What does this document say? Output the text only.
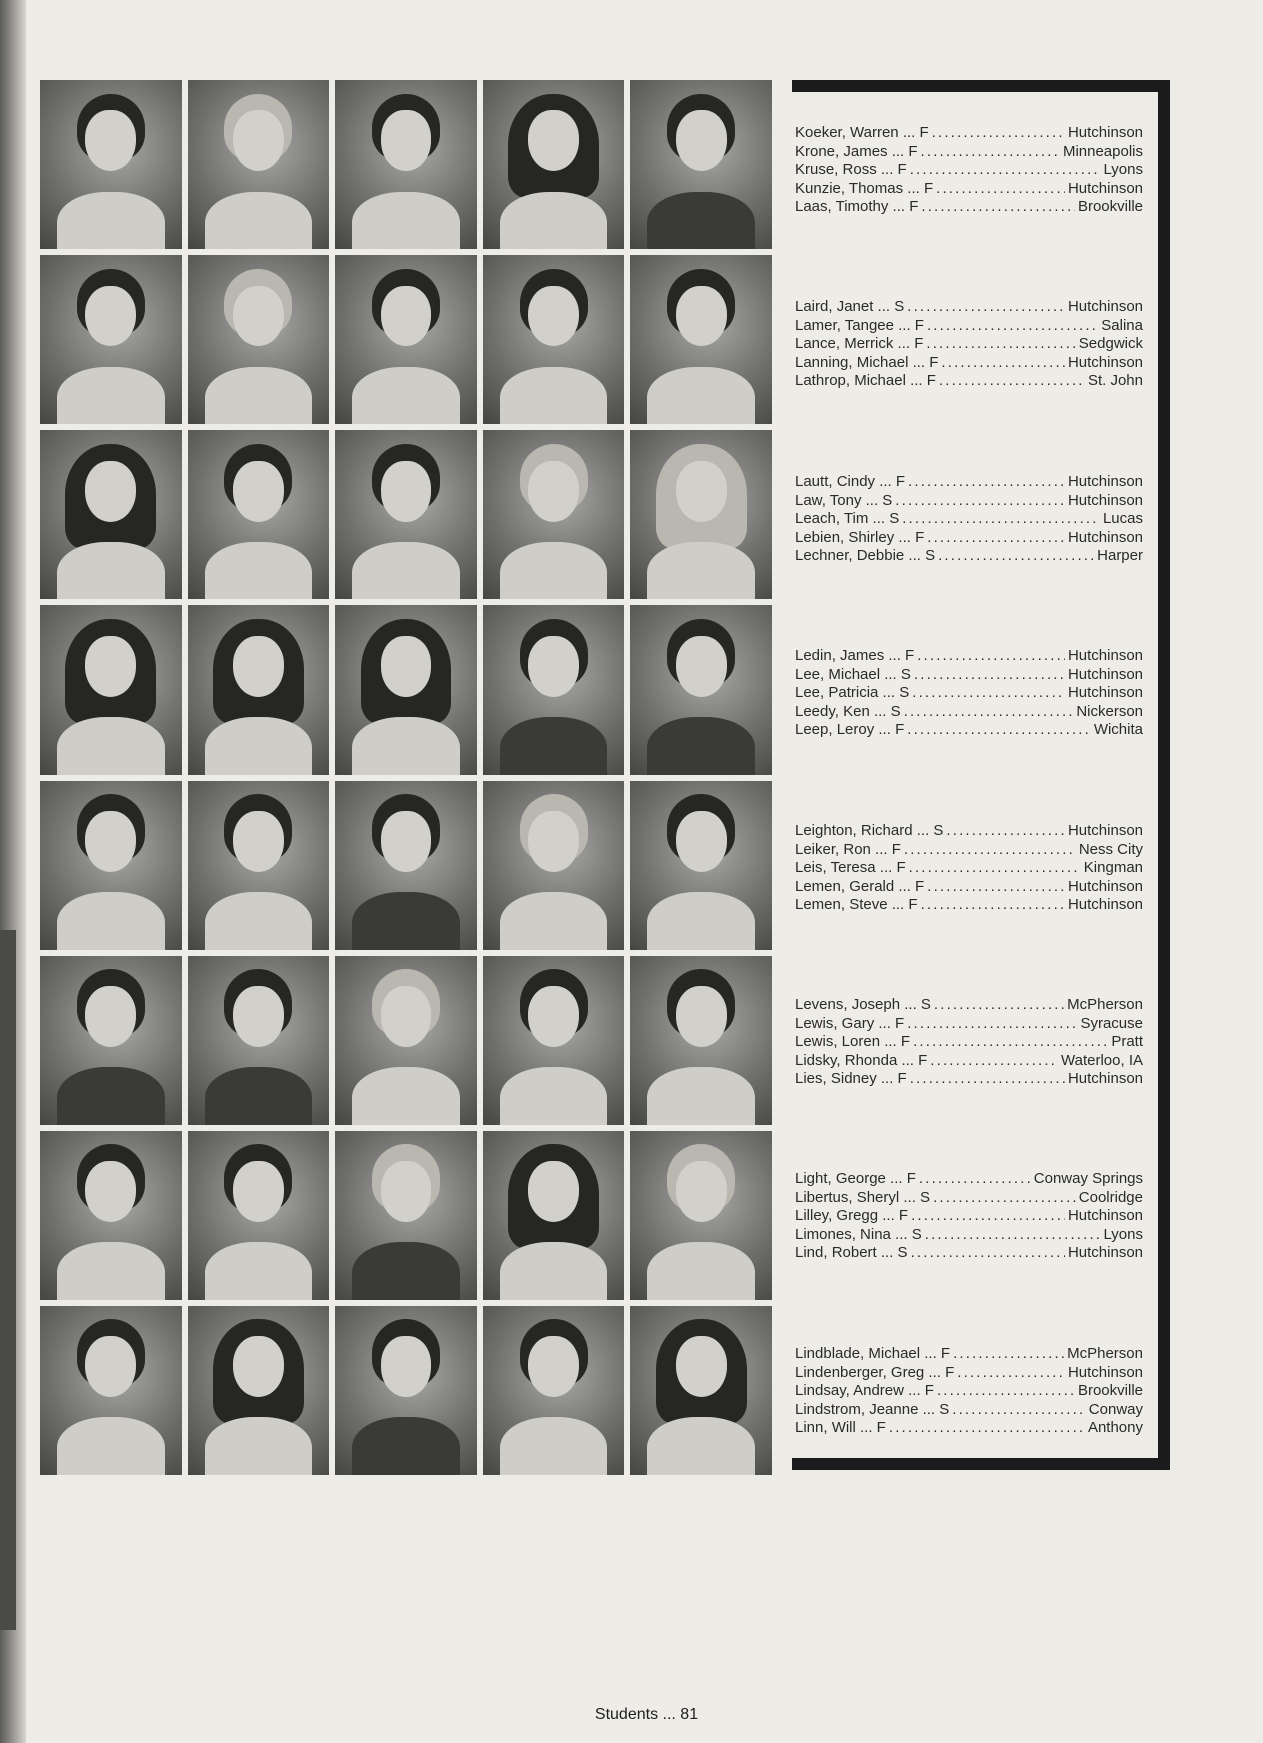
Koeker, Warren ... F . . .	Hutchinson
Krone, James ... F . . .	Minneapolis
Kruse, Ross ... F . . .	Lyons
Kunzie, Thomas ... F . . .	Hutchinson
Laas, Timothy ... F . . .	Brookville
Laird, Janet ... S . . .	Hutchinson
Lamer, Tangee ... F . . .	Salina
Lance, Merrick ... F . . .	Sedgwick
Lanning, Michael ... F . . .	Hutchinson
Lathrop, Michael ... F . . .	St. John
Lautt, Cindy ... F . . .	Hutchinson
Law, Tony ... S . . .	Hutchinson
Leach, Tim ... S . . .	Lucas
Lebien, Shirley ... F . . .	Hutchinson
Lechner, Debbie ... S . . .	Harper
Ledin, James ... F . . .	Hutchinson
Lee, Michael ... S . . .	Hutchinson
Lee, Patricia ... S . . .	Hutchinson
Leedy, Ken ... S . . .	Nickerson
Leep, Leroy ... F . . .	Wichita
Leighton, Richard ... S . . .	Hutchinson
Leiker, Ron ... F . . .	Ness City
Leis, Teresa ... F . . .	Kingman
Lemen, Gerald ... F . . .	Hutchinson
Lemen, Steve ... F . . .	Hutchinson
Levens, Joseph ... S . . .	McPherson
Lewis, Gary ... F . . .	Syracuse
Lewis, Loren ... F . . .	Pratt
Lidsky, Rhonda ... F . . .	Waterloo, IA
Lies, Sidney ... F . . .	Hutchinson
Light, George ... F . . .	Conway Springs
Libertus, Sheryl ... S . . .	Coolridge
Lilley, Gregg ... F . . .	Hutchinson
Limones, Nina ... S . . .	Lyons
Lind, Robert ... S . . .	Hutchinson
Lindblade, Michael ... F . . .	McPherson
Lindenberger, Greg ... F . . .	Hutchinson
Lindsay, Andrew ... F . . .	Brookville
Lindstrom, Jeanne ... S . . .	Conway
Linn, Will ... F . . .	Anthony
Students ... 81
